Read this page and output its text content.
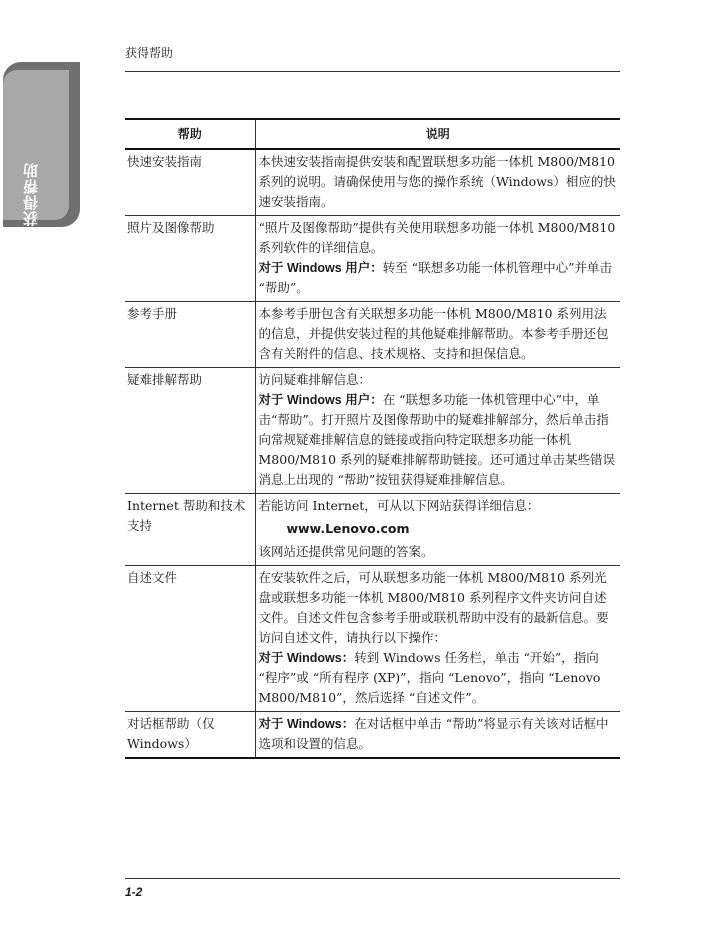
获得帮助
获得帮助
帮助	说明
快速安装指南	本快速安装指南提供安装和配置联想多功能一体机 M800/M810 系列的说明。请确保使用与您的操作系统（Windows）相应的快速安装指南。

照片及图像帮助	“照片及图像帮助”提供有关使用联想多功能一体机 M800/M810 系列软件的详细信息。
对于 Windows 用户：转至 “联想多功能一体机管理中心”并单击 “帮助”。
参考手册	本参考手册包含有关联想多功能一体机 M800/M810 系列用法的信息，并提供安装过程的其他疑难排解帮助。本参考手册还包含有关附件的信息、技术规格、支持和担保信息。

疑难排解帮助	访问疑难排解信息：
对于 Windows 用户：在 “联想多功能一体机管理中心”中，单击“帮助”。打开照片及图像帮助中的疑难排解部分，然后单击指向常规疑难排解信息的链接或指向特定联想多功能一体机 M800/M810 系列的疑难排解帮助链接。还可通过单击某些错误消息上出现的 “帮助”按钮获得疑难排解信息。
Internet 帮助和技术支持	若能访问 Internet，可从以下网站获得详细信息：
www.Lenovo.com
该网站还提供常见问题的答案。

自述文件	在安装软件之后，可从联想多功能一体机 M800/M810 系列光盘或联想多功能一体机 M800/M810 系列程序文件夹访问自述文件。自述文件包含参考手册或联机帮助中没有的最新信息。要访问自述文件，请执行以下操作：
对于 Windows：转到 Windows 任务栏，单击 “开始”，指向 “程序”或 “所有程序 (XP)”，指向 “Lenovo”，指向 “Lenovo M800/M810”，然后选择 “自述文件”。
对话框帮助（仅 Windows）	对于 Windows：在对话框中单击 “帮助”将显示有关该对话框中选项和设置的信息。
1-2
